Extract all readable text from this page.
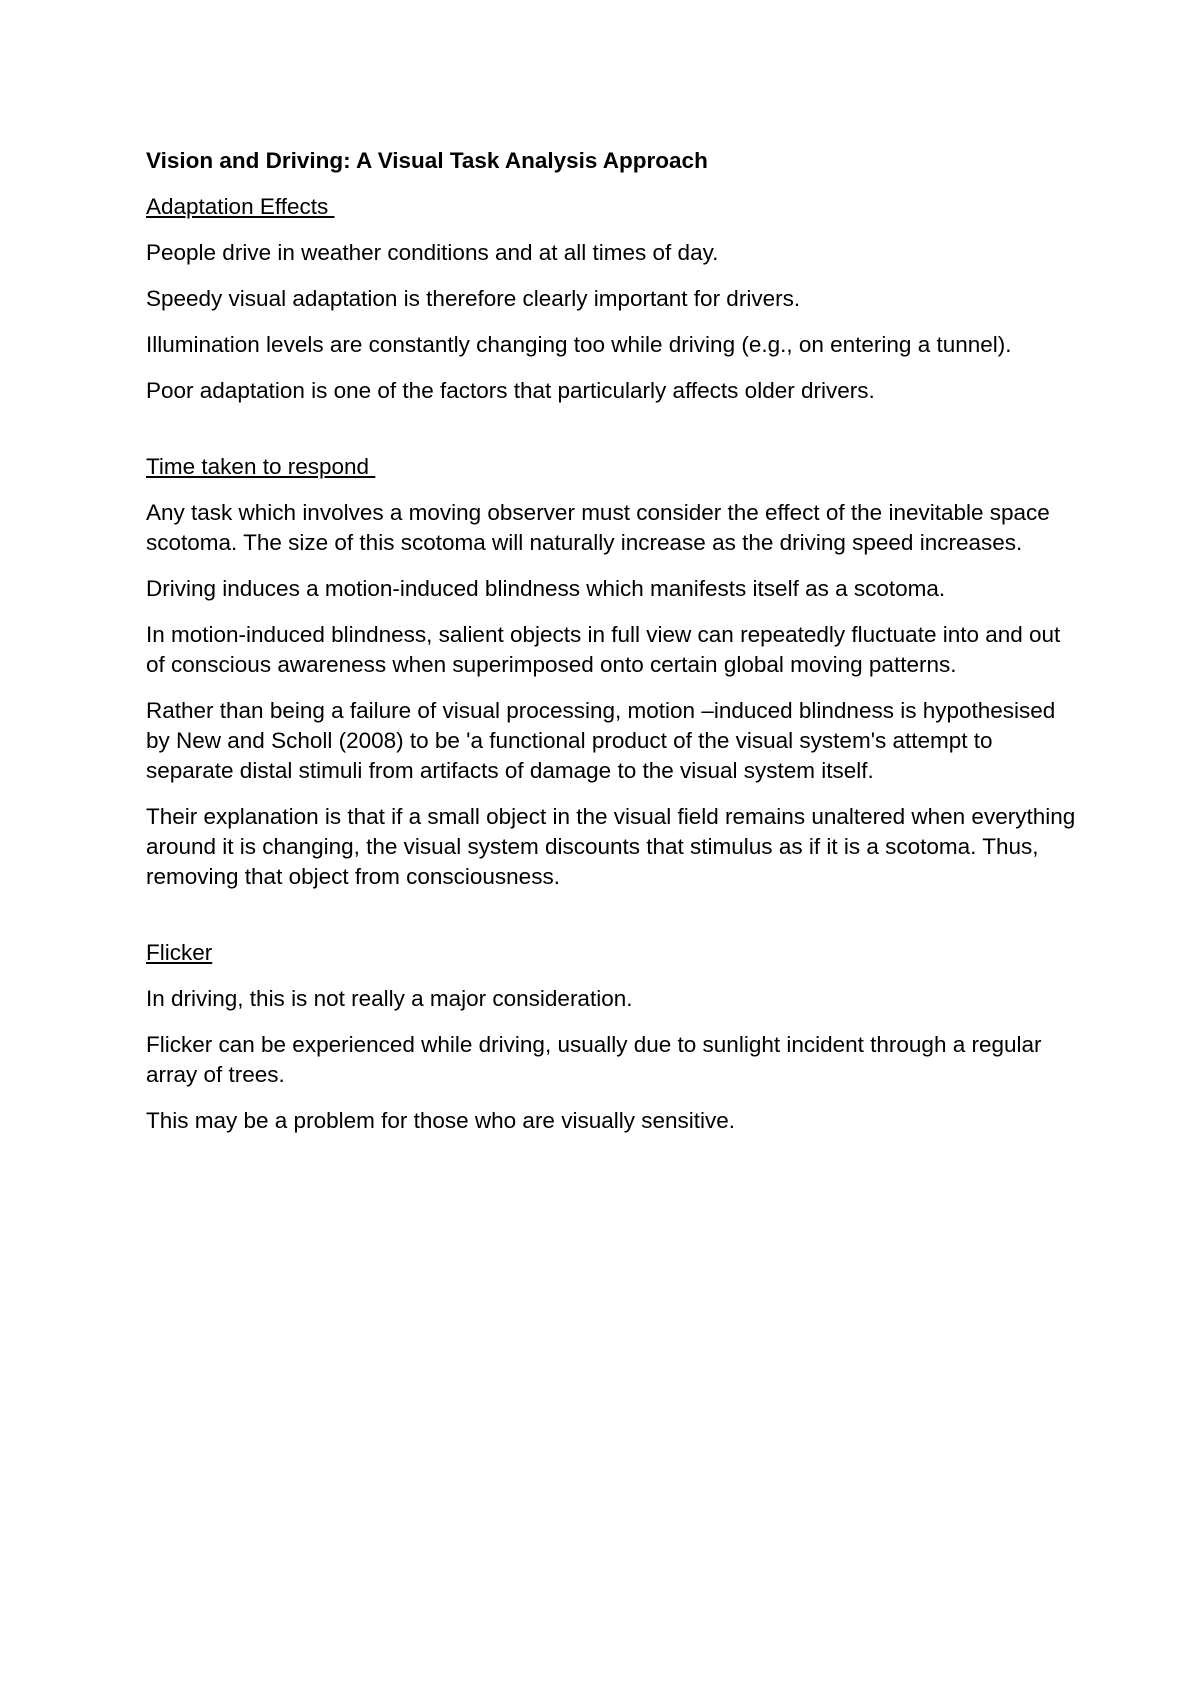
Vision and Driving: A Visual Task Analysis Approach
Adaptation Effects
People drive in weather conditions and at all times of day.
Speedy visual adaptation is therefore clearly important for drivers.
Illumination levels are constantly changing too while driving (e.g., on entering a tunnel).
Poor adaptation is one of the factors that particularly affects older drivers.
Time taken to respond
Any task which involves a moving observer must consider the effect of the inevitable space scotoma. The size of this scotoma will naturally increase as the driving speed increases.
Driving induces a motion-induced blindness which manifests itself as a scotoma.
In motion-induced blindness, salient objects in full view can repeatedly fluctuate into and out of conscious awareness when superimposed onto certain global moving patterns.
Rather than being a failure of visual processing, motion –induced blindness is hypothesised by New and Scholl (2008) to be 'a functional product of the visual system's attempt to separate distal stimuli from artifacts of damage to the visual system itself.
Their explanation is that if a small object in the visual field remains unaltered when everything around it is changing, the visual system discounts that stimulus as if it is a scotoma. Thus, removing that object from consciousness.
Flicker
In driving, this is not really a major consideration.
Flicker can be experienced while driving, usually due to sunlight incident through a regular array of trees.
This may be a problem for those who are visually sensitive.
